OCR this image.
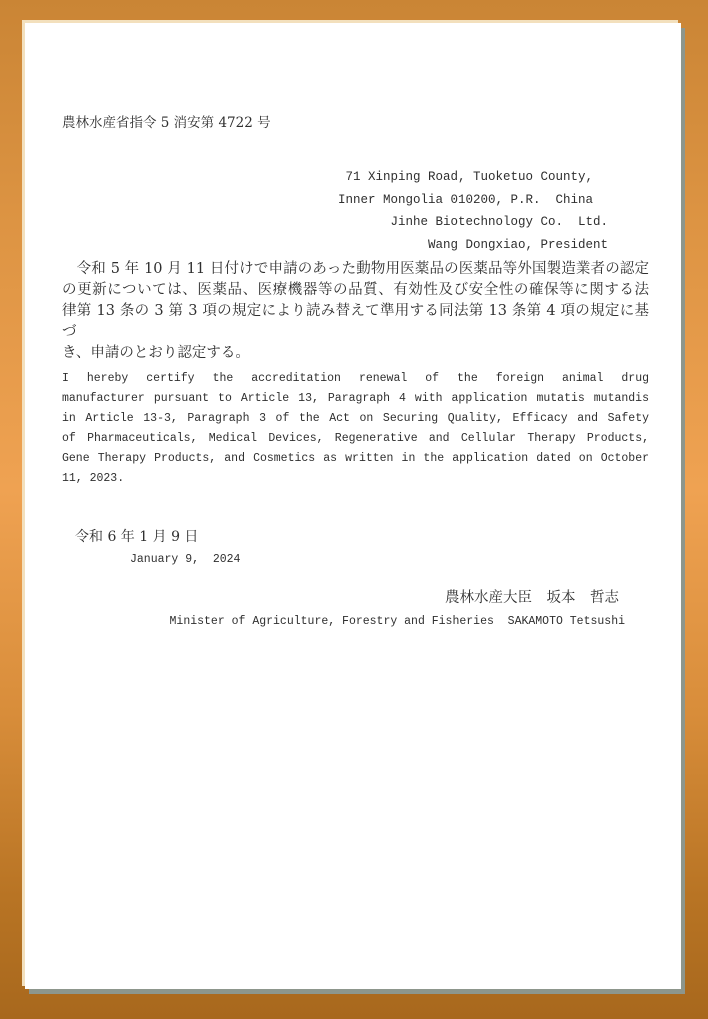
農林水産省指令 5 消安第 4722 号
71 Xinping Road, Tuoketuo County,
Inner Mongolia 010200, P.R.  China
Jinhe Biotechnology Co.  Ltd.
Wang Dongxiao, President
　令和 5 年 10 月 11 日付けで申請のあった動物用医薬品の医薬品等外国製造業者の認定
の更新については、医薬品、医療機器等の品質、有効性及び安全性の確保等に関する法
律第 13 条の 3 第 3 項の規定により読み替えて準用する同法第 13 条第 4 項の規定に基づ
き、申請のとおり認定する。
I hereby certify the accreditation renewal of the foreign animal drug
manufacturer pursuant to Article 13, Paragraph 4 with application mutatis mutandis
in Article 13-3, Paragraph 3 of the Act on Securing Quality, Efficacy and Safety
of Pharmaceuticals, Medical Devices, Regenerative and Cellular Therapy Products,
Gene Therapy Products, and Cosmetics as written in the application dated on October
11, 2023.
令和 6 年 1 月 9 日
January 9,  2024
農林水産大臣　坂本　哲志
Minister of Agriculture, Forestry and Fisheries  SAKAMOTO Tetsushi
